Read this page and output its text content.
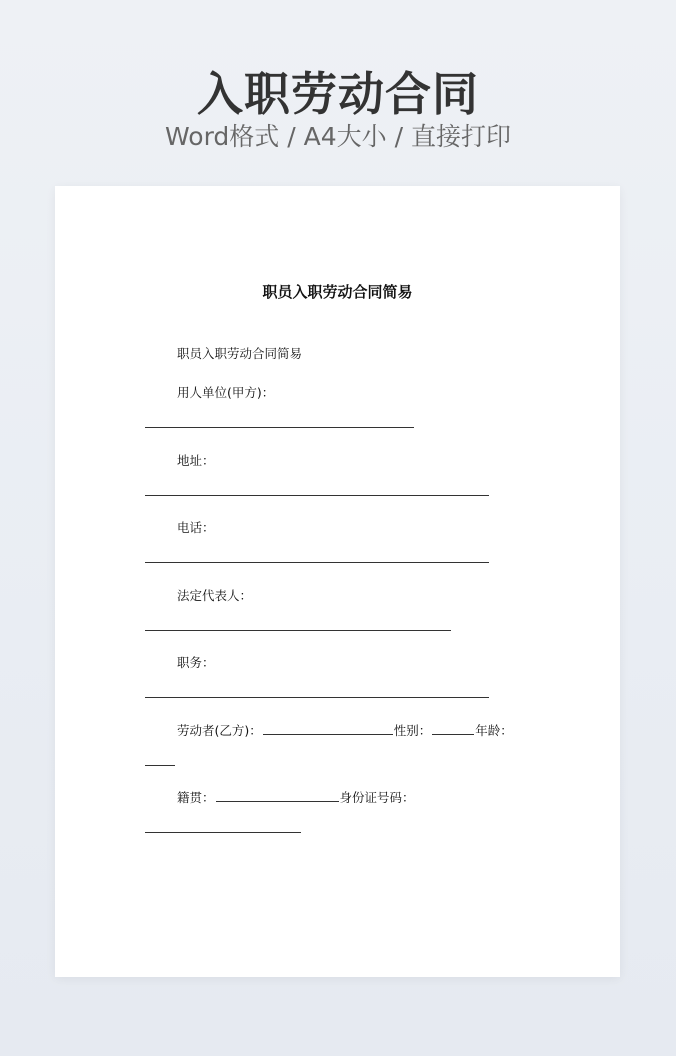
入职劳动合同
Word格式 / A4大小 / 直接打印
职员入职劳动合同简易
职员入职劳动合同简易
用人单位(甲方)：
地址：
电话：
法定代表人：
职务：
劳动者(乙方)：	性别：	年龄：
籍贯：	身份证号码：
